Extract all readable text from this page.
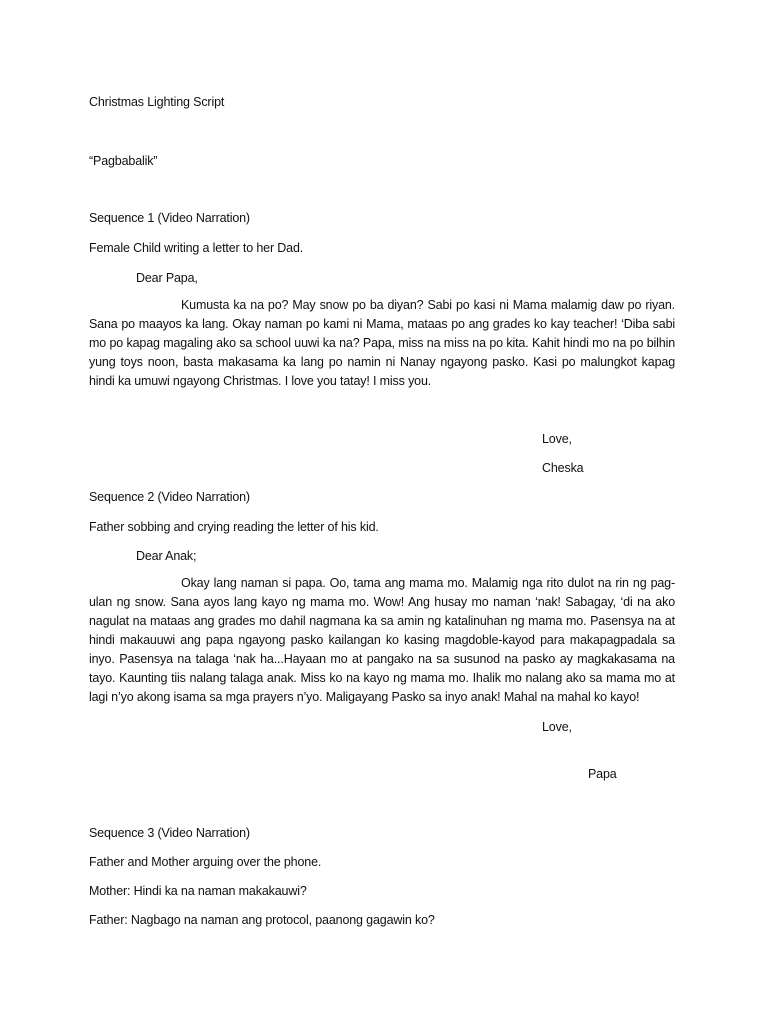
Christmas Lighting Script
“Pagbabalik”
Sequence 1 (Video Narration)
Female Child writing a letter to her Dad.
Dear Papa,
Kumusta ka na po? May snow po ba diyan? Sabi po kasi ni Mama malamig daw po riyan. Sana po maayos ka lang. Okay naman po kami ni Mama, mataas po ang grades ko kay teacher! ‘Diba sabi mo po kapag magaling ako sa school uuwi ka na? Papa, miss na miss na po kita. Kahit hindi mo na po bilhin yung toys noon, basta makasama ka lang po namin ni Nanay ngayong pasko. Kasi po malungkot kapag hindi ka umuwi ngayong Christmas. I love you tatay! I miss you.
Love,
Cheska
Sequence 2 (Video Narration)
Father sobbing and crying reading the letter of his kid.
Dear Anak;
Okay lang naman si papa. Oo, tama ang mama mo. Malamig nga rito dulot na rin ng pag-ulan ng snow. Sana ayos lang kayo ng mama mo. Wow! Ang husay mo naman ‘nak! Sabagay, ‘di na ako nagulat na mataas ang grades mo dahil nagmana ka sa amin ng katalinuhan ng mama mo. Pasensya na at hindi makauuwi ang papa ngayong pasko kailangan ko kasing magdoble-kayod para makapagpadala sa inyo. Pasensya na talaga ‘nak ha...Hayaan mo at pangako na sa susunod na pasko ay magkakasama na tayo. Kaunting tiis nalang talaga anak. Miss ko na kayo ng mama mo. Ihalik mo nalang ako sa mama mo at lagi n’yo akong isama sa mga prayers n’yo. Maligayang Pasko sa inyo anak! Mahal na mahal ko kayo!
Love,
Papa
Sequence 3 (Video Narration)
Father and Mother arguing over the phone.
Mother: Hindi ka na naman makakauwi?
Father: Nagbago na naman ang protocol, paanong gagawin ko?
